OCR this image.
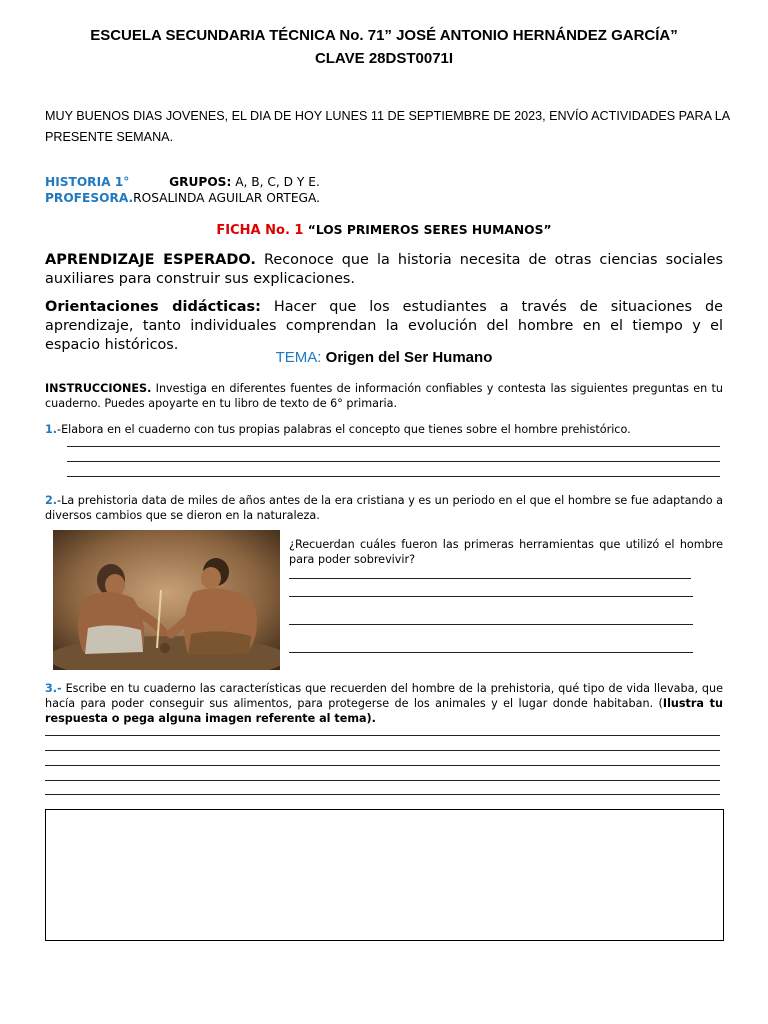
ESCUELA SECUNDARIA TÉCNICA No. 71” JOSÉ ANTONIO HERNÁNDEZ GARCÍA”
CLAVE 28DST0071I
MUY BUENOS DIAS JOVENES, EL DIA DE HOY LUNES 11 DE SEPTIEMBRE DE 2023, ENVÍO ACTIVIDADES PARA LA PRESENTE SEMANA.
HISTORIA 1°	GRUPOS: A, B, C, D Y E.
PROFESORA.ROSALINDA AGUILAR ORTEGA.
FICHA No. 1 “LOS PRIMEROS SERES HUMANOS”
APRENDIZAJE ESPERADO. Reconoce que la historia necesita de otras ciencias sociales auxiliares para construir sus explicaciones.
Orientaciones didácticas: Hacer que los estudiantes a través de situaciones de aprendizaje, tanto individuales comprendan la evolución del hombre en el tiempo y el espacio históricos.
TEMA: Origen del Ser Humano
INSTRUCCIONES. Investiga en diferentes fuentes de información confiables y contesta las siguientes preguntas en tu cuaderno. Puedes apoyarte en tu libro de texto de 6° primaria.
1.-Elabora en el cuaderno con tus propias palabras el concepto que tienes sobre el hombre prehistórico.
2.-La prehistoria data de miles de años antes de la era cristiana y es un periodo en el que el hombre se fue adaptando a diversos cambios que se dieron en la naturaleza.
¿Recuerdan cuáles fueron las primeras herramientas que utilizó el hombre para poder sobrevivir?
3.- Escribe en tu cuaderno las características que recuerden del hombre de la prehistoria, qué tipo de vida llevaba, que hacía para poder conseguir sus alimentos, para protegerse de los animales y el lugar donde habitaban. (Ilustra tu respuesta o pega alguna imagen referente al tema).
